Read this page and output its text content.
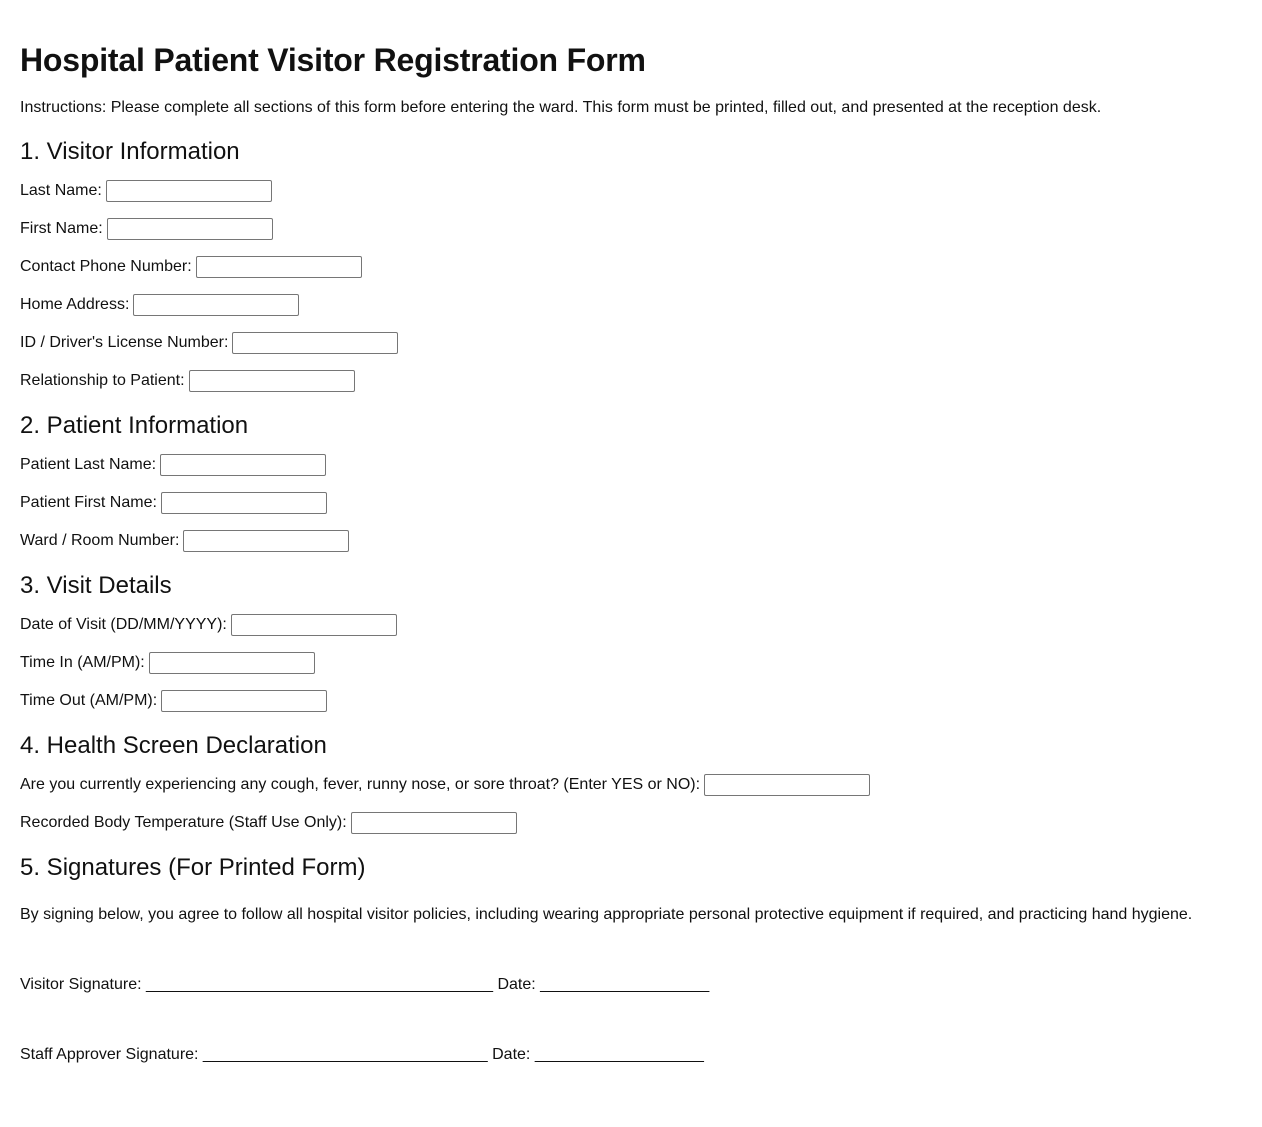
Hospital Patient Visitor Registration Form

Instructions: Please complete all sections of this form before entering the ward. This form must be printed, filled out, and presented at the reception desk.

1. Visitor Information
Last Name:
First Name:
Contact Phone Number:
Home Address:
ID / Driver's License Number:
Relationship to Patient:
2. Patient Information
Patient Last Name:
Patient First Name:
Ward / Room Number:
3. Visit Details
Date of Visit (DD/MM/YYYY):
Time In (AM/PM):
Time Out (AM/PM):
4. Health Screen Declaration
Are you currently experiencing any cough, fever, runny nose, or sore throat? (Enter YES or NO):
Recorded Body Temperature (Staff Use Only):
5. Signatures (For Printed Form)

By signing below, you agree to follow all hospital visitor policies, including wearing appropriate personal protective equipment if required, and practicing hand hygiene.

Visitor Signature: _______________________________________ Date: ___________________
Staff Approver Signature: ________________________________ Date: ___________________
